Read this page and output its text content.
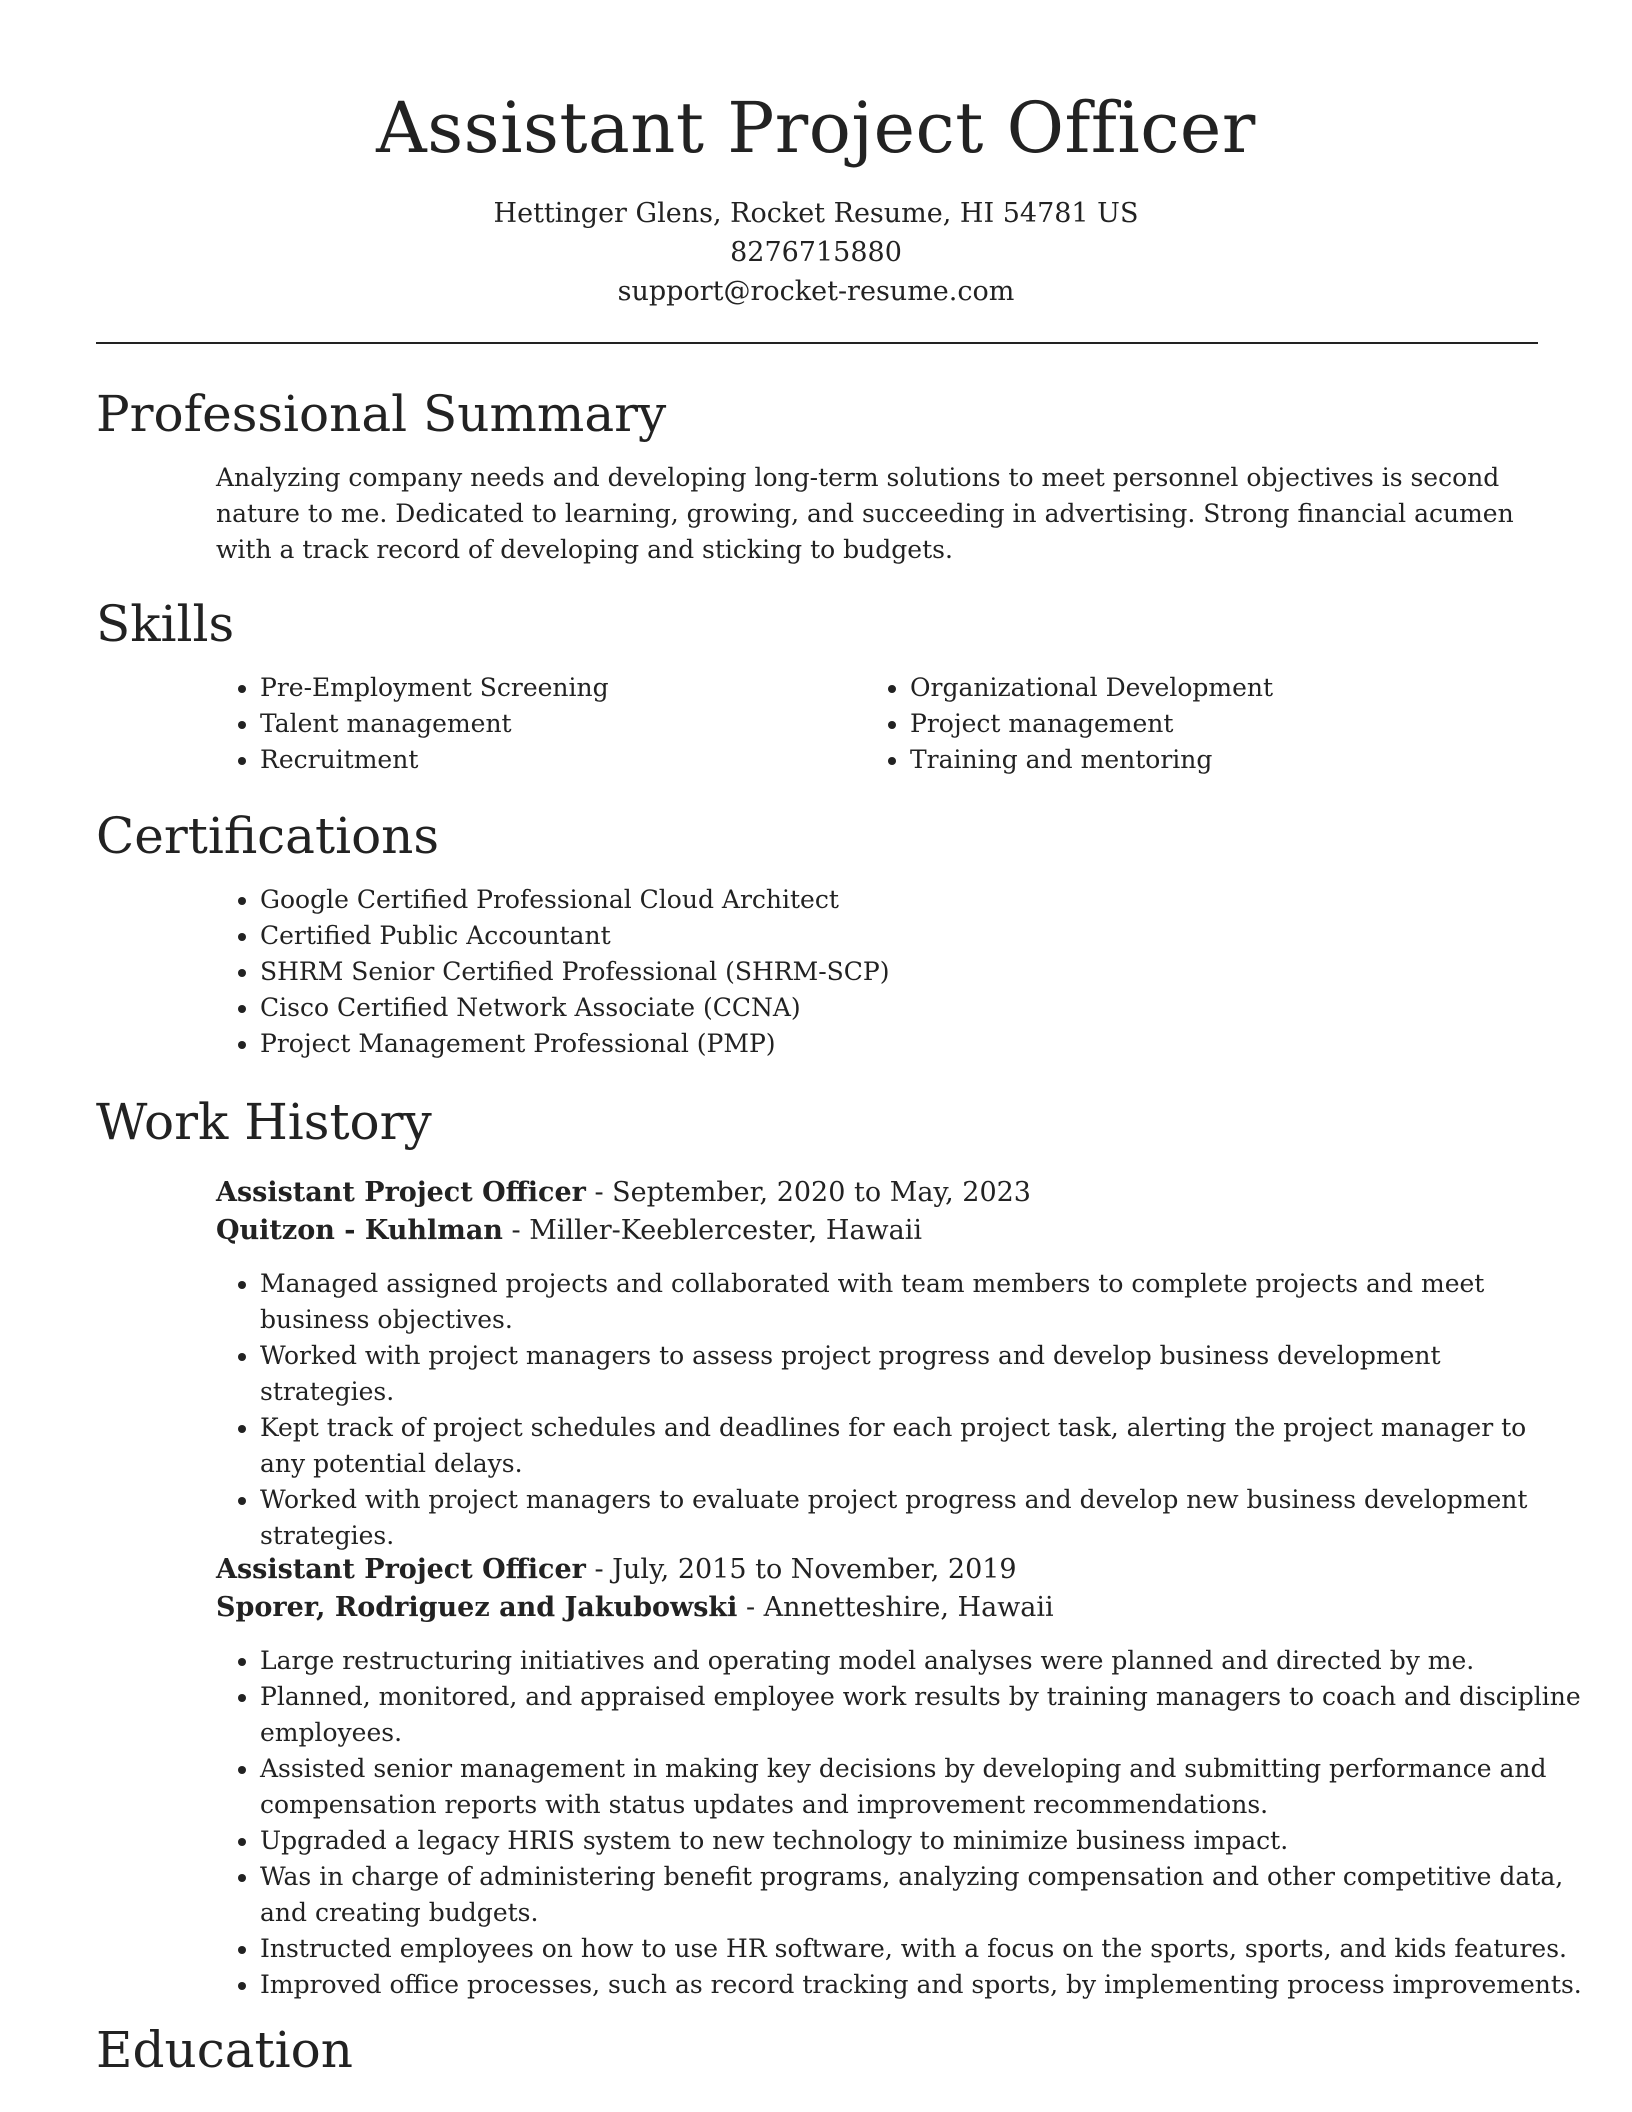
Assistant Project Officer
Hettinger Glens, Rocket Resume, HI 54781 US
8276715880
support@rocket-resume.com
Professional Summary

Analyzing company needs and developing long-term solutions to meet personnel objectives is second nature to me. Dedicated to learning, growing, and succeeding in advertising. Strong financial acumen with a track record of developing and sticking to budgets.

Skills
• Pre-Employment Screening
• Talent management
• Recruitment
• Organizational Development
• Project management
• Training and mentoring
Certifications
• Google Certified Professional Cloud Architect
• Certified Public Accountant
• SHRM Senior Certified Professional (SHRM-SCP)
• Cisco Certified Network Associate (CCNA)
• Project Management Professional (PMP)
Work History
Assistant Project Officer - September, 2020 to May, 2023
Quitzon - Kuhlman - Miller-Keeblercester, Hawaii
• Managed assigned projects and collaborated with team members to complete projects and meet business objectives.
• Worked with project managers to assess project progress and develop business development strategies.
• Kept track of project schedules and deadlines for each project task, alerting the project manager to any potential delays.
• Worked with project managers to evaluate project progress and develop new business development strategies.
Assistant Project Officer - July, 2015 to November, 2019
Sporer, Rodriguez and Jakubowski - Annetteshire, Hawaii
• Large restructuring initiatives and operating model analyses were planned and directed by me.
• Planned, monitored, and appraised employee work results by training managers to coach and discipline employees.
• Assisted senior management in making key decisions by developing and submitting performance and compensation reports with status updates and improvement recommendations.
• Upgraded a legacy HRIS system to new technology to minimize business impact.
• Was in charge of administering benefit programs, analyzing compensation and other competitive data, and creating budgets.
• Instructed employees on how to use HR software, with a focus on the sports, sports, and kids features.
• Improved office processes, such as record tracking and sports, by implementing process improvements.
Education
